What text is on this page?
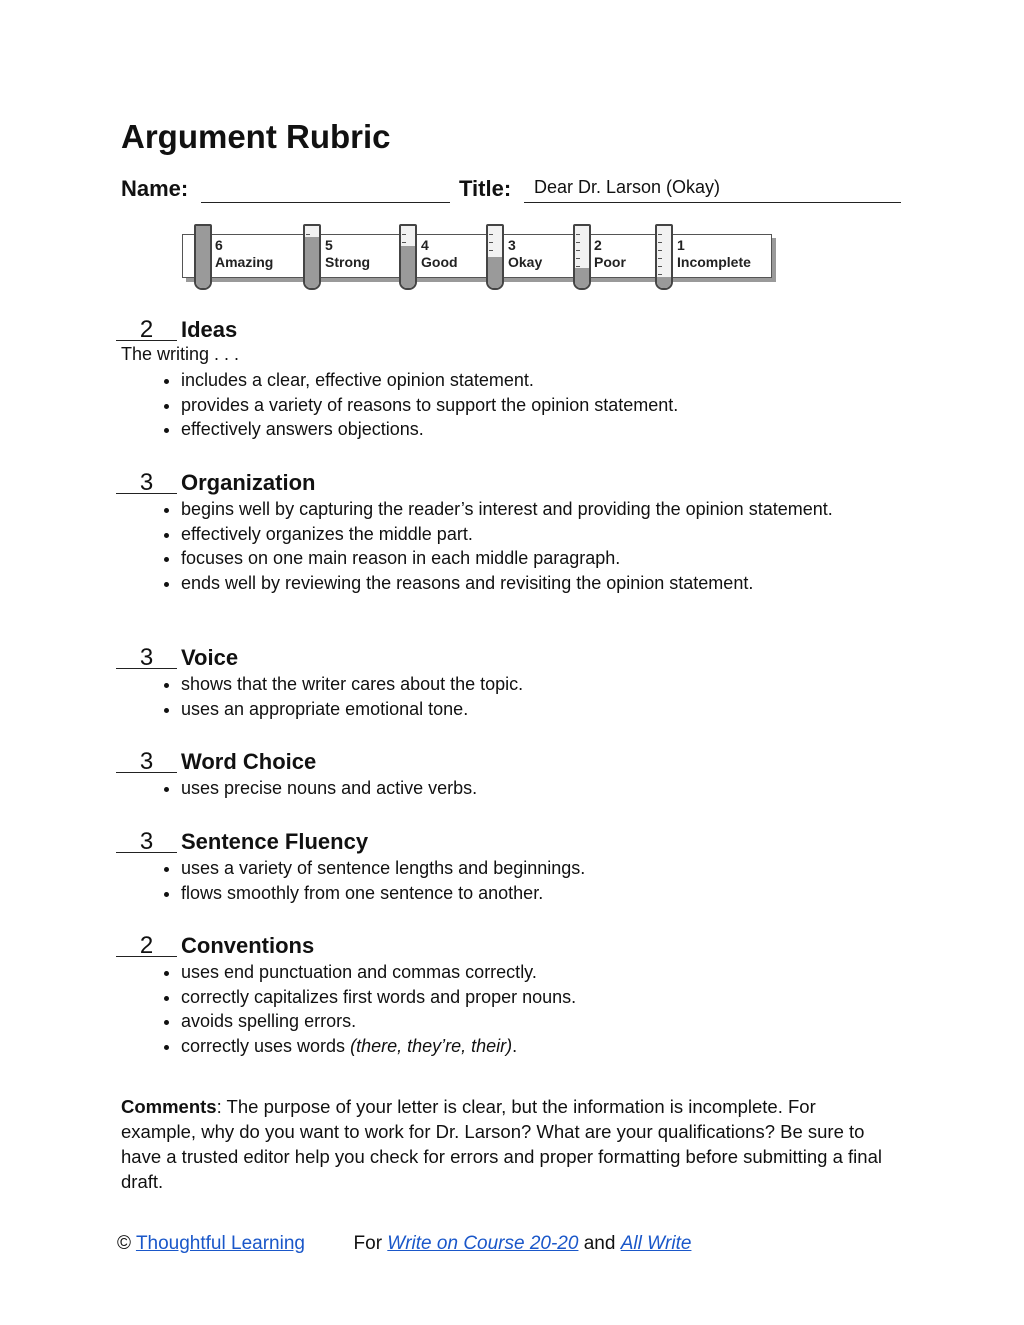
Argument Rubric
Name:	Title: Dear Dr. Larson (Okay)
6
Amazing
5
Strong
4
Good
3
Okay
2
Poor
1
Incomplete
2	Ideas
The writing . . .
• includes a clear, effective opinion statement.
• provides a variety of reasons to support the opinion statement.
• effectively answers objections.
3	Organization
• begins well by capturing the reader’s interest and providing the opinion statement.
• effectively organizes the middle part.
• focuses on one main reason in each middle paragraph.
• ends well by reviewing the reasons and revisiting the opinion statement.
3	Voice
• shows that the writer cares about the topic.
• uses an appropriate emotional tone.
3	Word Choice
• uses precise nouns and active verbs.
3	Sentence Fluency
• uses a variety of sentence lengths and beginnings.
• flows smoothly from one sentence to another.
2	Conventions
• uses end punctuation and commas correctly.
• correctly capitalizes first words and proper nouns.
• avoids spelling errors.
• correctly uses words (there, they’re, their).

Comments: The purpose of your letter is clear, but the information is incomplete. For example, why do you want to work for Dr. Larson? What are your qualifications? Be sure to have a trusted editor help you check for errors and proper formatting before submitting a final draft.

© Thoughtful Learning	For Write on Course 20-20 and All Write
